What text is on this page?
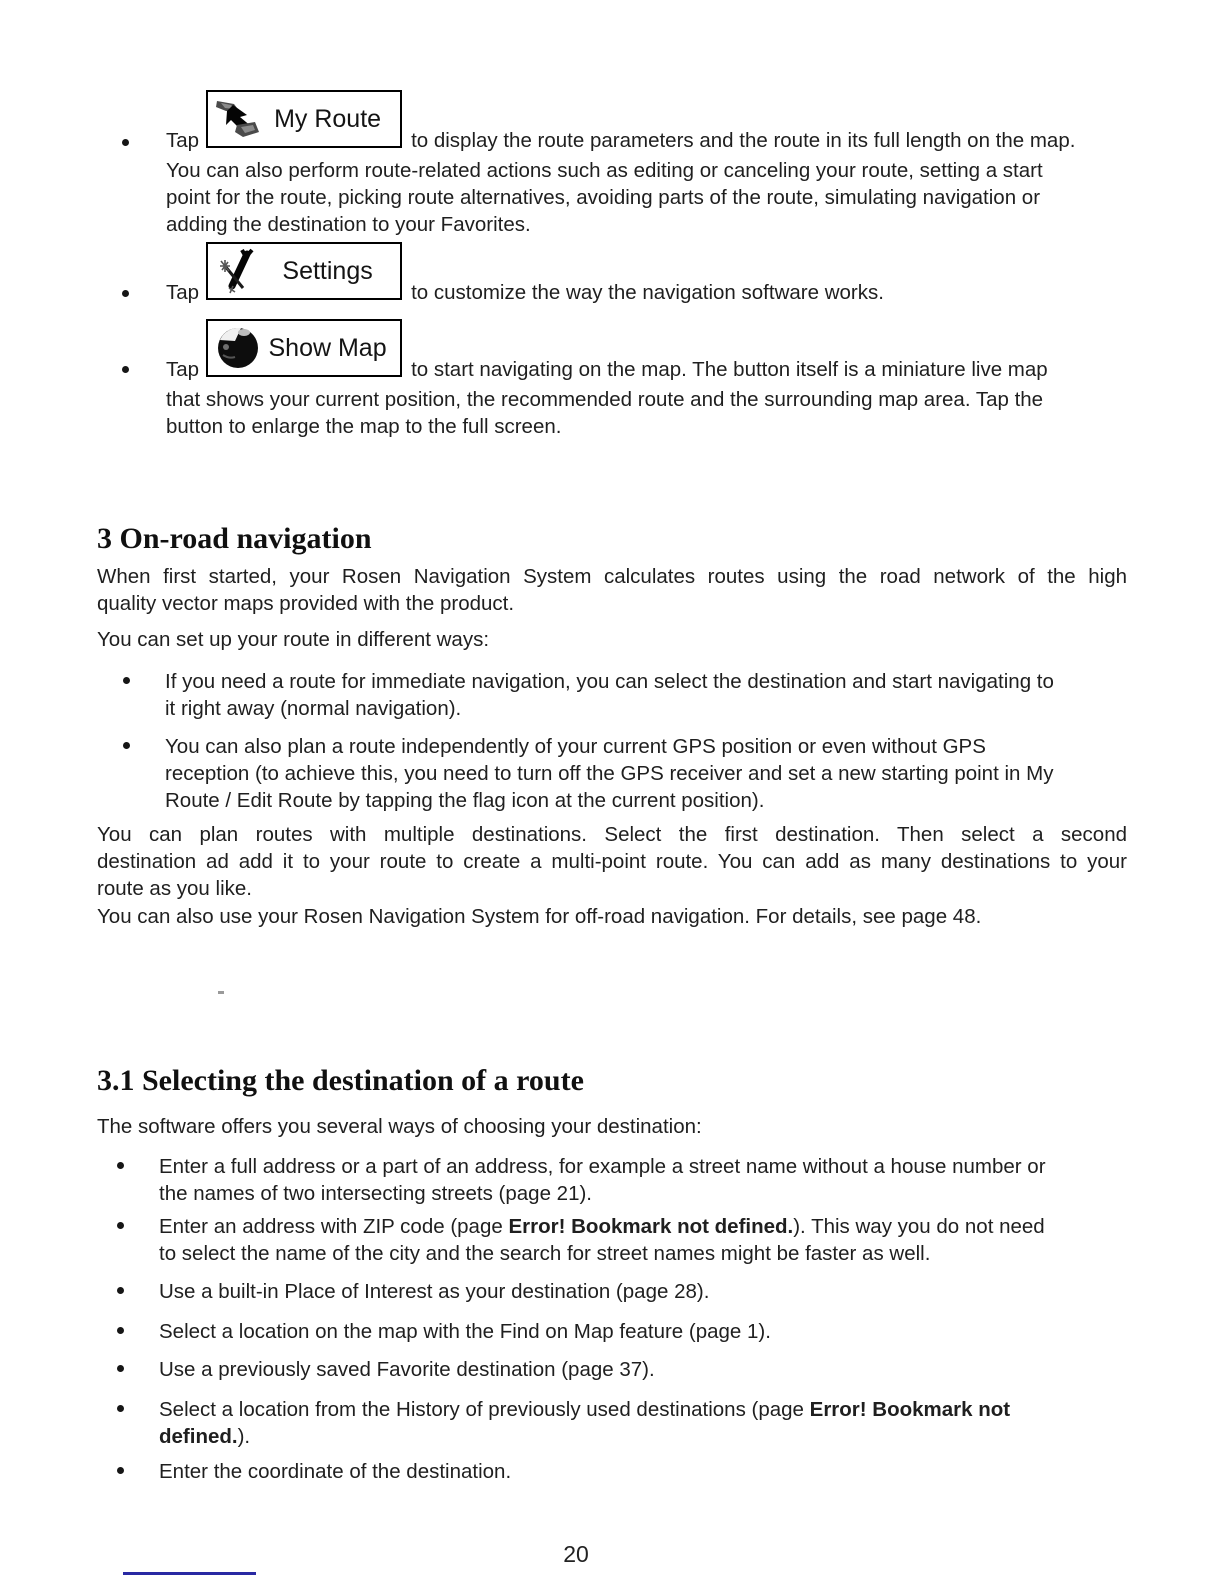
Tap
My Route
to display the route parameters and the route in its full length on the map.
You can also perform route-related actions such as editing or canceling your route, setting a start
point for the route, picking route alternatives, avoiding parts of the route, simulating navigation or
adding the destination to your Favorites.
Tap
Settings
to customize the way the navigation software works.
Tap
Show Map
to start navigating on the map. The button itself is a miniature live map
that shows your current position, the recommended route and the surrounding map area. Tap the
button to enlarge the map to the full screen.
3 On-road navigation
When first started, your Rosen Navigation System calculates routes using the road network of the high
quality vector maps provided with the product.
You can set up your route in different ways:
If you need a route for immediate navigation, you can select the destination and start navigating to
it right away (normal navigation).
You can also plan a route independently of your current GPS position or even without GPS
reception (to achieve this, you need to turn off the GPS receiver and set a new starting point in My
Route / Edit Route by tapping the flag icon at the current position).
You can plan routes with multiple destinations. Select the first destination. Then select a second
destination ad add it to your route to create a multi-point route. You can add as many destinations to your
route as you like.
You can also use your Rosen Navigation System for off-road navigation. For details, see page 48.
3.1 Selecting the destination of a route
The software offers you several ways of choosing your destination:
Enter a full address or a part of an address, for example a street name without a house number or
the names of two intersecting streets (page 21).
Enter an address with ZIP code (page Error! Bookmark not defined.). This way you do not need
to select the name of the city and the search for street names might be faster as well.
Use a built-in Place of Interest as your destination (page 28).
Select a location on the map with the Find on Map feature (page 1).
Use a previously saved Favorite destination (page 37).
Select a location from the History of previously used destinations (page Error! Bookmark not
defined.).
Enter the coordinate of the destination.
20
